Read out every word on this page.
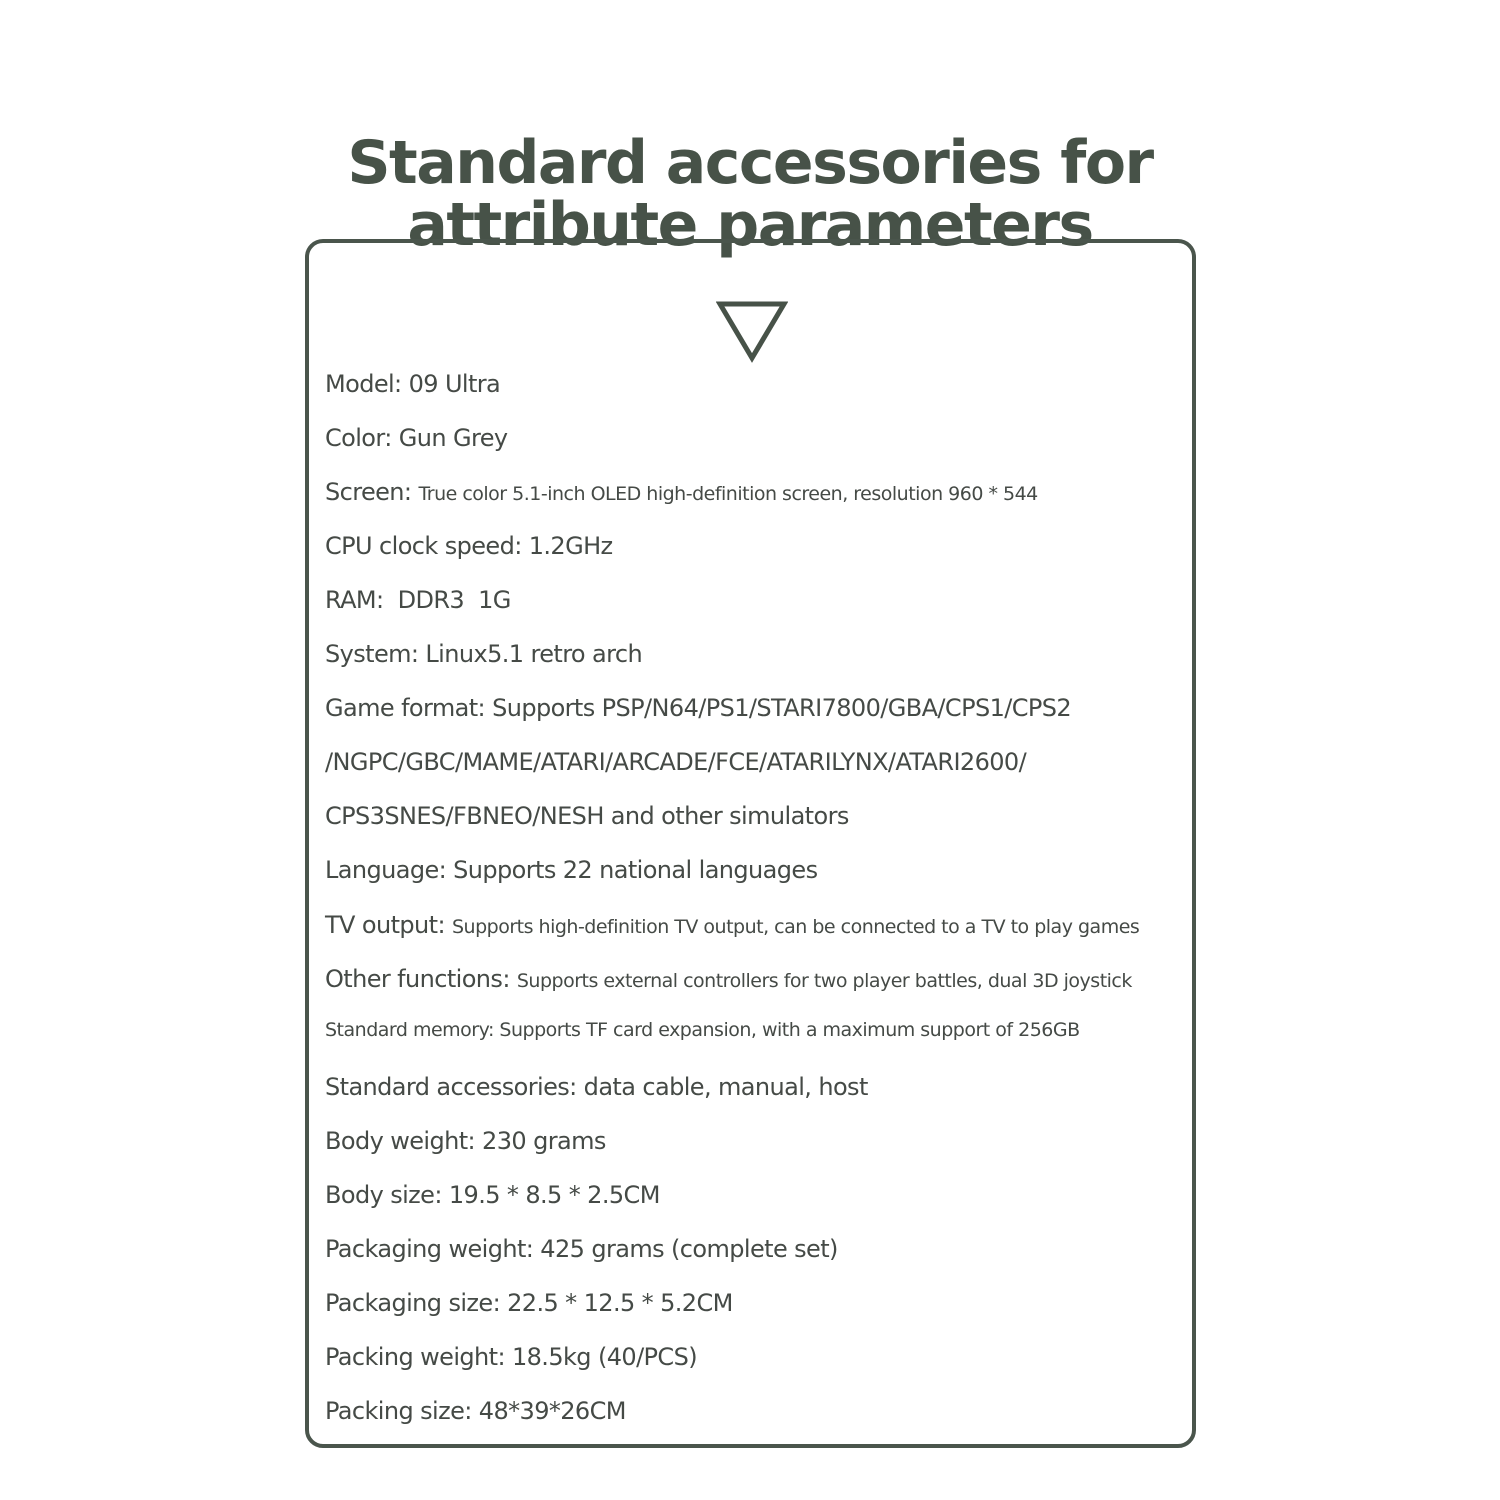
Standard accessories for
attribute parameters
Model: 09 Ultra
Color: Gun Grey
Screen: True color 5.1-inch OLED high-definition screen, resolution 960 * 544
CPU clock speed: 1.2GHz
RAM:  DDR3  1G
System: Linux5.1 retro arch
Game format: Supports PSP/N64/PS1/STARI7800/GBA/CPS1/CPS2
/NGPC/GBC/MAME/ATARI/ARCADE/FCE/ATARILYNX/ATARI2600/
CPS3SNES/FBNEO/NESH and other simulators
Language: Supports 22 national languages
TV output: Supports high-definition TV output, can be connected to a TV to play games
Other functions: Supports external controllers for two player battles, dual 3D joystick
Standard memory: Supports TF card expansion, with a maximum support of 256GB
Standard accessories: data cable, manual, host
Body weight: 230 grams
Body size: 19.5 * 8.5 * 2.5CM
Packaging weight: 425 grams (complete set)
Packaging size: 22.5 * 12.5 * 5.2CM
Packing weight: 18.5kg (40/PCS)
Packing size: 48*39*26CM
